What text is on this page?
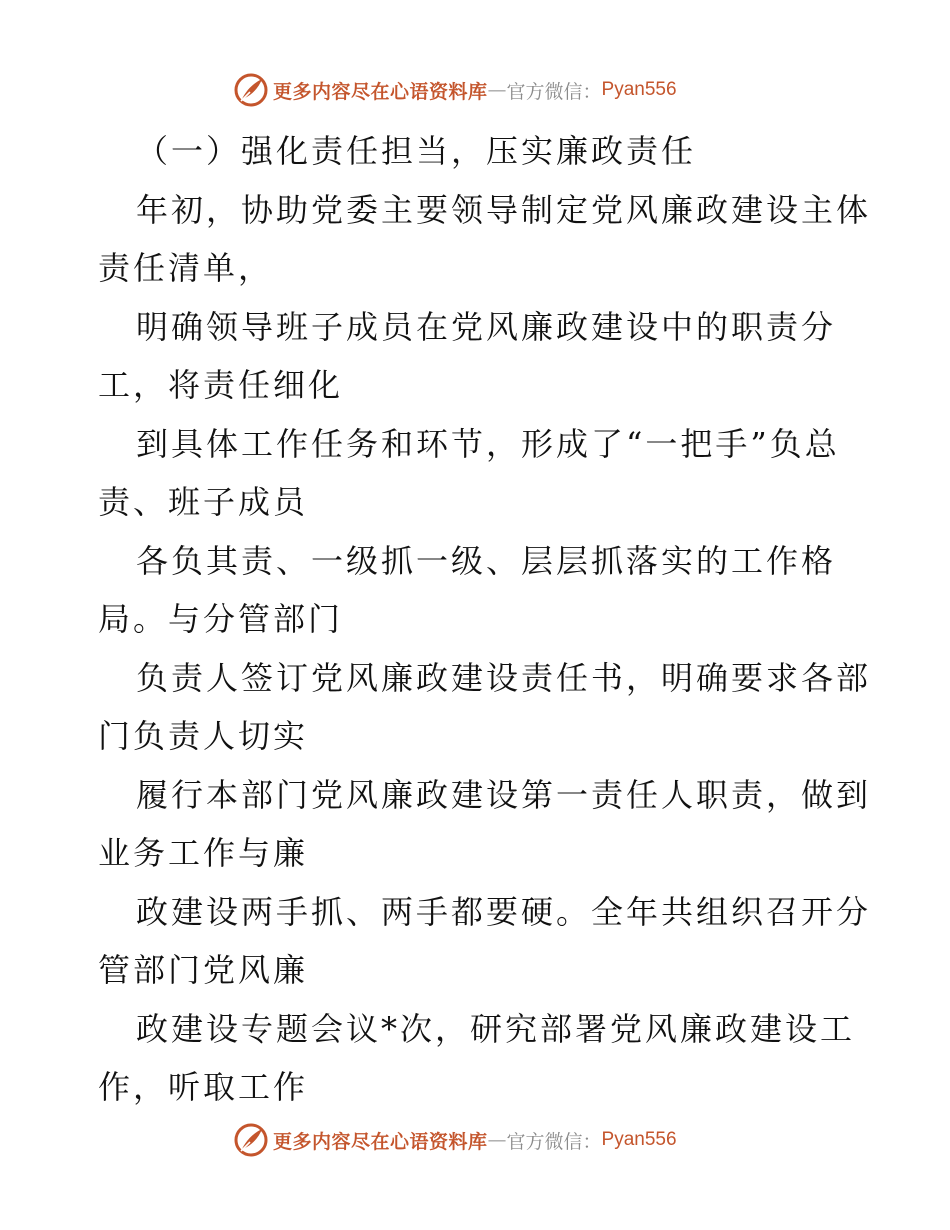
更多内容尽在心语资料库 — 官方微信： Pyan556
（一）强化责任担当，压实廉政责任
年初，协助党委主要领导制定党风廉政建设主体
责任清单，
明确领导班子成员在党风廉政建设中的职责分
工，将责任细化
到具体工作任务和环节，形成了“一把手”负总
责、班子成员
各负其责、一级抓一级、层层抓落实的工作格
局。与分管部门
负责人签订党风廉政建设责任书，明确要求各部
门负责人切实
履行本部门党风廉政建设第一责任人职责，做到
业务工作与廉
政建设两手抓、两手都要硬。全年共组织召开分
管部门党风廉
政建设专题会议*次，研究部署党风廉政建设工
作，听取工作
更多内容尽在心语资料库 — 官方微信： Pyan556
